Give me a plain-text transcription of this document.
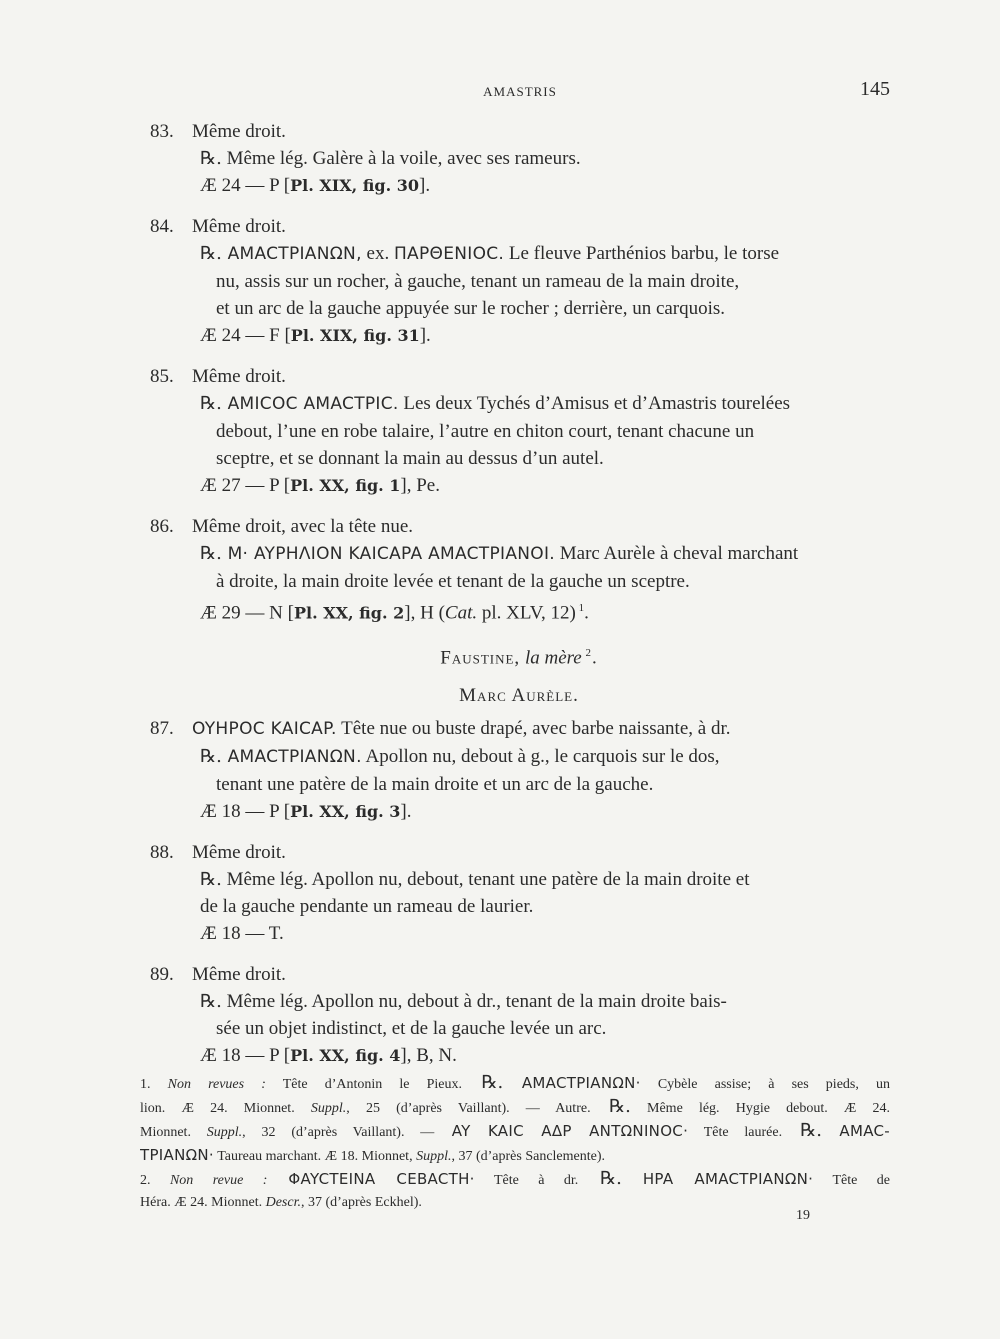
AMASTRIS	145
83. Même droit.
℞. Même lég. Galère à la voile, avec ses rameurs.
Æ 24 — P [Pl. XIX, fig. 30].
84. Même droit.
℞. AMACTPIANΩN, ex. ΠAPΘENIOC. Le fleuve Parthénios barbu, le torse
nu, assis sur un rocher, à gauche, tenant un rameau de la main droite,
et un arc de la gauche appuyée sur le rocher ; derrière, un carquois.
Æ 24 — F [Pl. XIX, fig. 31].
85. Même droit.
℞. AMICOC AMACTPIC. Les deux Tychés d’Amisus et d’Amastris tourelées
debout, l’une en robe talaire, l’autre en chiton court, tenant chacune un
sceptre, et se donnant la main au dessus d’un autel.
Æ 27 — P [Pl. XX, fig. 1], Pe.
86. Même droit, avec la tête nue.
℞. M· AYPHΛION KAICAPA AMACTPIANOI. Marc Aurèle à cheval marchant
à droite, la main droite levée et tenant de la gauche un sceptre.
Æ 29 — N [Pl. XX, fig. 2], H (Cat. pl. XLV, 12) $^1$.
Faustine, la mère $^2$.
Marc Aurèle.
87. OYHPOC KAICAP. Tête nue ou buste drapé, avec barbe naissante, à dr.
℞. AMACTPIANΩN. Apollon nu, debout à g., le carquois sur le dos,
tenant une patère de la main droite et un arc de la gauche.
Æ 18 — P [Pl. XX, fig. 3].
88. Même droit.
℞. Même lég. Apollon nu, debout, tenant une patère de la main droite et
de la gauche pendante un rameau de laurier.
Æ 18 — T.
89. Même droit.
℞. Même lég. Apollon nu, debout à dr., tenant de la main droite bais-
sée un objet indistinct, et de la gauche levée un arc.
Æ 18 — P [Pl. XX, fig. 4], B, N.
1. Non revues : Tête d’Antonin le Pieux. ℞. AMACTPIANΩN· Cybèle assise; à ses pieds, un
lion. Æ 24. Mionnet. Suppl., 25 (d’après Vaillant). — Autre. ℞. Même lég. Hygie debout. Æ 24.
Mionnet. Suppl., 32 (d’après Vaillant). — AY KAIC AΔP ANTΩNINOC· Tête laurée. ℞. AMAC-
TPIANΩN· Taureau marchant. Æ 18. Mionnet, Suppl., 37 (d’après Sanclemente).
2. Non revue : ΦAYCTEINA CEBACTH· Tête à dr. ℞. HPA AMACTPIANΩN· Tête de
Héra. Æ 24. Mionnet. Descr., 37 (d’après Eckhel).
19
